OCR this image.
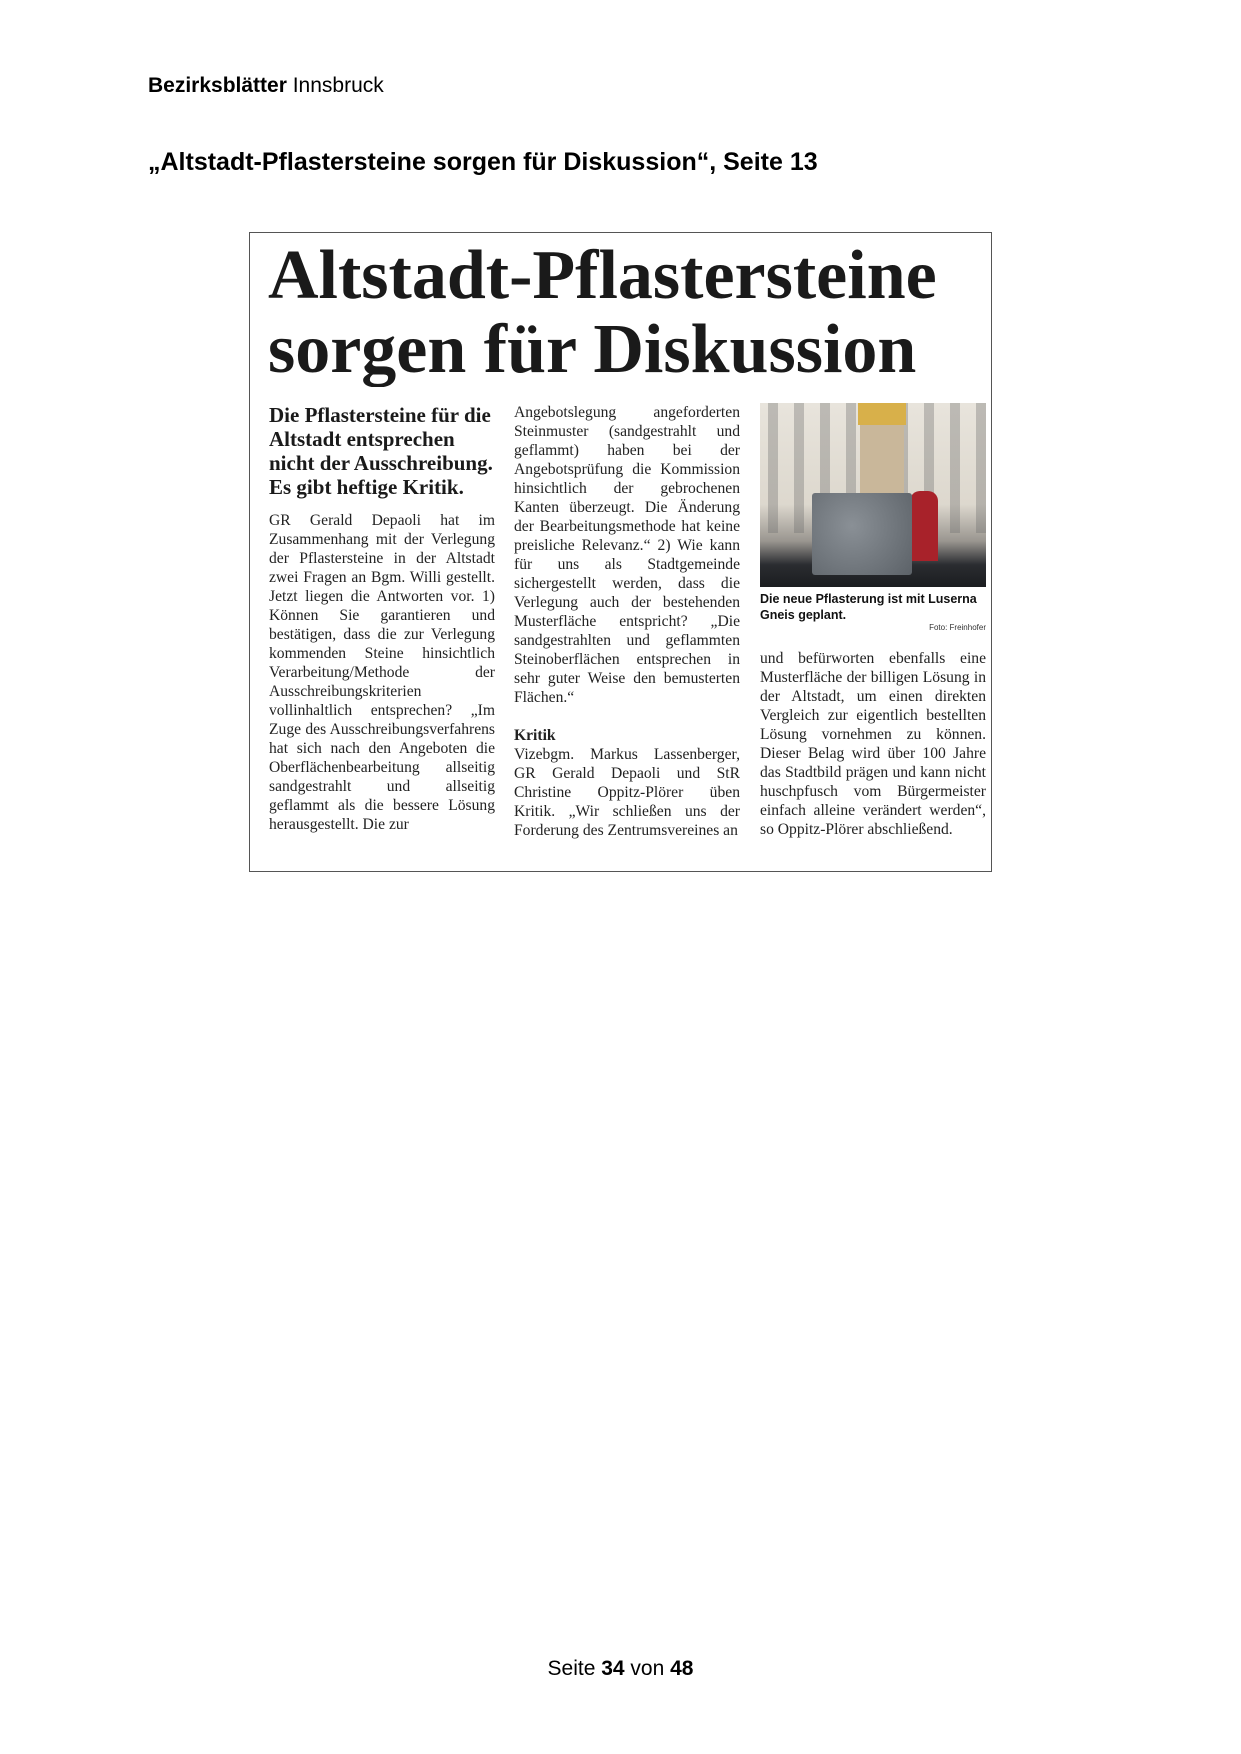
Bezirksblätter Innsbruck
„Altstadt-Pflastersteine sorgen für Diskussion“, Seite 13
Altstadt-Pflastersteine
sorgen für Diskussion
Die Pflastersteine für die Altstadt entsprechen nicht der Ausschreibung. Es gibt heftige Kritik.
GR Gerald Depaoli hat im Zusammenhang mit der Verlegung der Pflastersteine in der Altstadt zwei Fragen an Bgm. Willi gestellt. Jetzt liegen die Antworten vor. 1) Können Sie garantieren und bestätigen, dass die zur Verlegung kommenden Steine hinsichtlich Verarbeitung/Methode der Ausschreibungskriterien vollinhaltlich entsprechen? „Im Zuge des Ausschreibungsverfahrens hat sich nach den Angeboten die Oberflächenbearbeitung allseitig sandgestrahlt und allseitig geflammt als die bessere Lösung herausgestellt. Die zur
Angebotslegung angeforderten Steinmuster (sandgestrahlt und geflammt) haben bei der Angebotsprüfung die Kommission hinsichtlich der gebrochenen Kanten überzeugt. Die Änderung der Bearbeitungsmethode hat keine preisliche Relevanz.“ 2) Wie kann für uns als Stadtgemeinde sichergestellt werden, dass die Verlegung auch der bestehenden Musterfläche entspricht? „Die sandgestrahlten und geflammten Steinoberflächen entsprechen in sehr guter Weise den bemusterten Flächen.“
Kritik
Vizebgm. Markus Lassenberger, GR Gerald Depaoli und StR Christine Oppitz-Plörer üben Kritik. „Wir schließen uns der Forderung des Zentrumsvereines an
Die neue Pflasterung ist mit Luserna Gneis geplant.
Foto: Freinhofer
und befürworten ebenfalls eine Musterfläche der billigen Lösung in der Altstadt, um einen direkten Vergleich zur eigentlich bestellten Lösung vornehmen zu können. Dieser Belag wird über 100 Jahre das Stadtbild prägen und kann nicht huschpfusch vom Bürgermeister einfach alleine verändert werden“, so Oppitz-Plörer abschließend.
Seite 34 von 48
